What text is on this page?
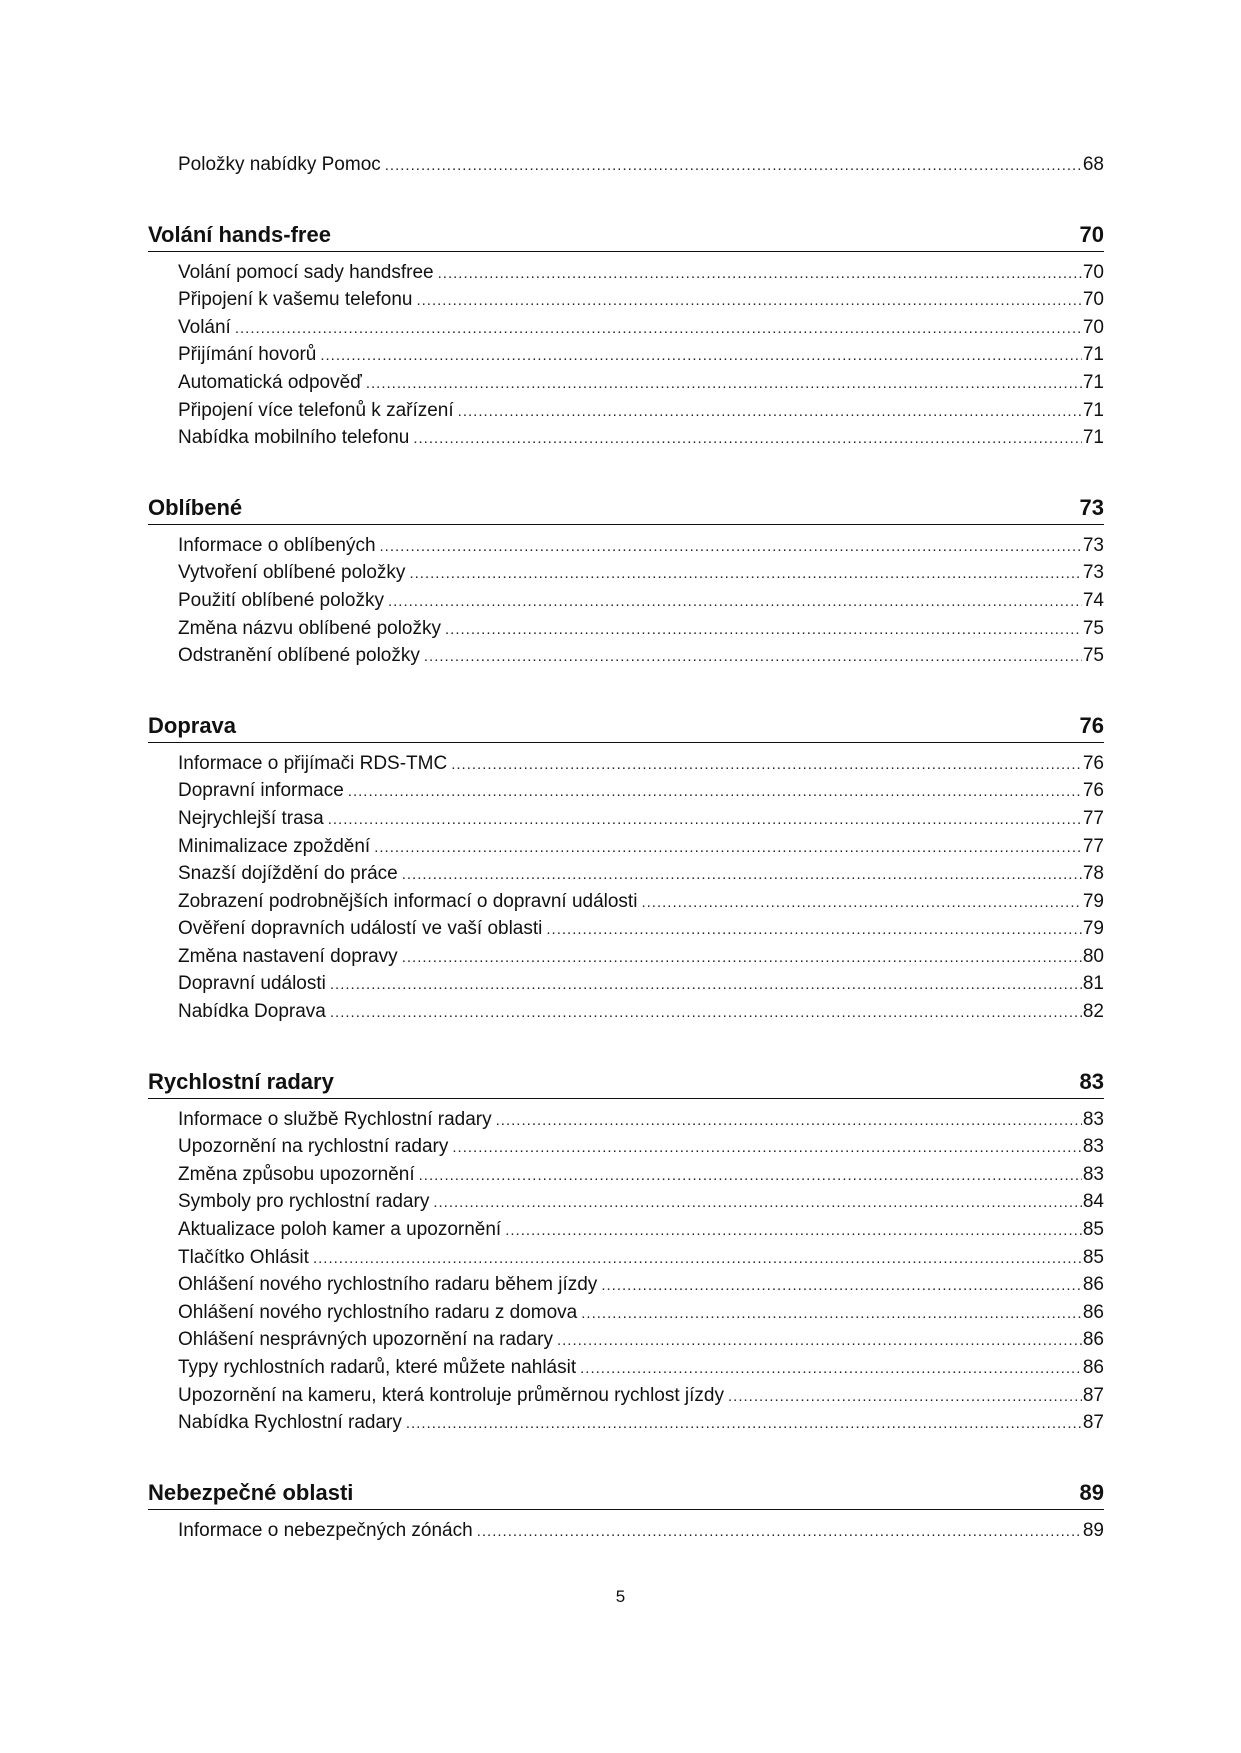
Položky nabídky Pomoc .....	68
Volání hands-free	70
Volání pomocí sady handsfree .....	70
Připojení k vašemu telefonu .....	70
Volání .....	70
Přijímání hovorů .....	71
Automatická odpověď .....	71
Připojení více telefonů k zařízení .....	71
Nabídka mobilního telefonu .....	71
Oblíbené	73
Informace o oblíbených .....	73
Vytvoření oblíbené položky .....	73
Použití oblíbené položky .....	74
Změna názvu oblíbené položky .....	75
Odstranění oblíbené položky .....	75
Doprava	76
Informace o přijímači RDS-TMC .....	76
Dopravní informace .....	76
Nejrychlejší trasa .....	77
Minimalizace zpoždění .....	77
Snazší dojíždění do práce .....	78
Zobrazení podrobnějších informací o dopravní události .....	79
Ověření dopravních událostí ve vaší oblasti .....	79
Změna nastavení dopravy .....	80
Dopravní události .....	81
Nabídka Doprava .....	82
Rychlostní radary	83
Informace o službě Rychlostní radary .....	83
Upozornění na rychlostní radary .....	83
Změna způsobu upozornění .....	83
Symboly pro rychlostní radary .....	84
Aktualizace poloh kamer a upozornění .....	85
Tlačítko Ohlásit .....	85
Ohlášení nového rychlostního radaru během jízdy .....	86
Ohlášení nového rychlostního radaru z domova .....	86
Ohlášení nesprávných upozornění na radary .....	86
Typy rychlostních radarů, které můžete nahlásit .....	86
Upozornění na kameru, která kontroluje průměrnou rychlost jízdy .....	87
Nabídka Rychlostní radary .....	87
Nebezpečné oblasti	89
Informace o nebezpečných zónách .....	89
5
